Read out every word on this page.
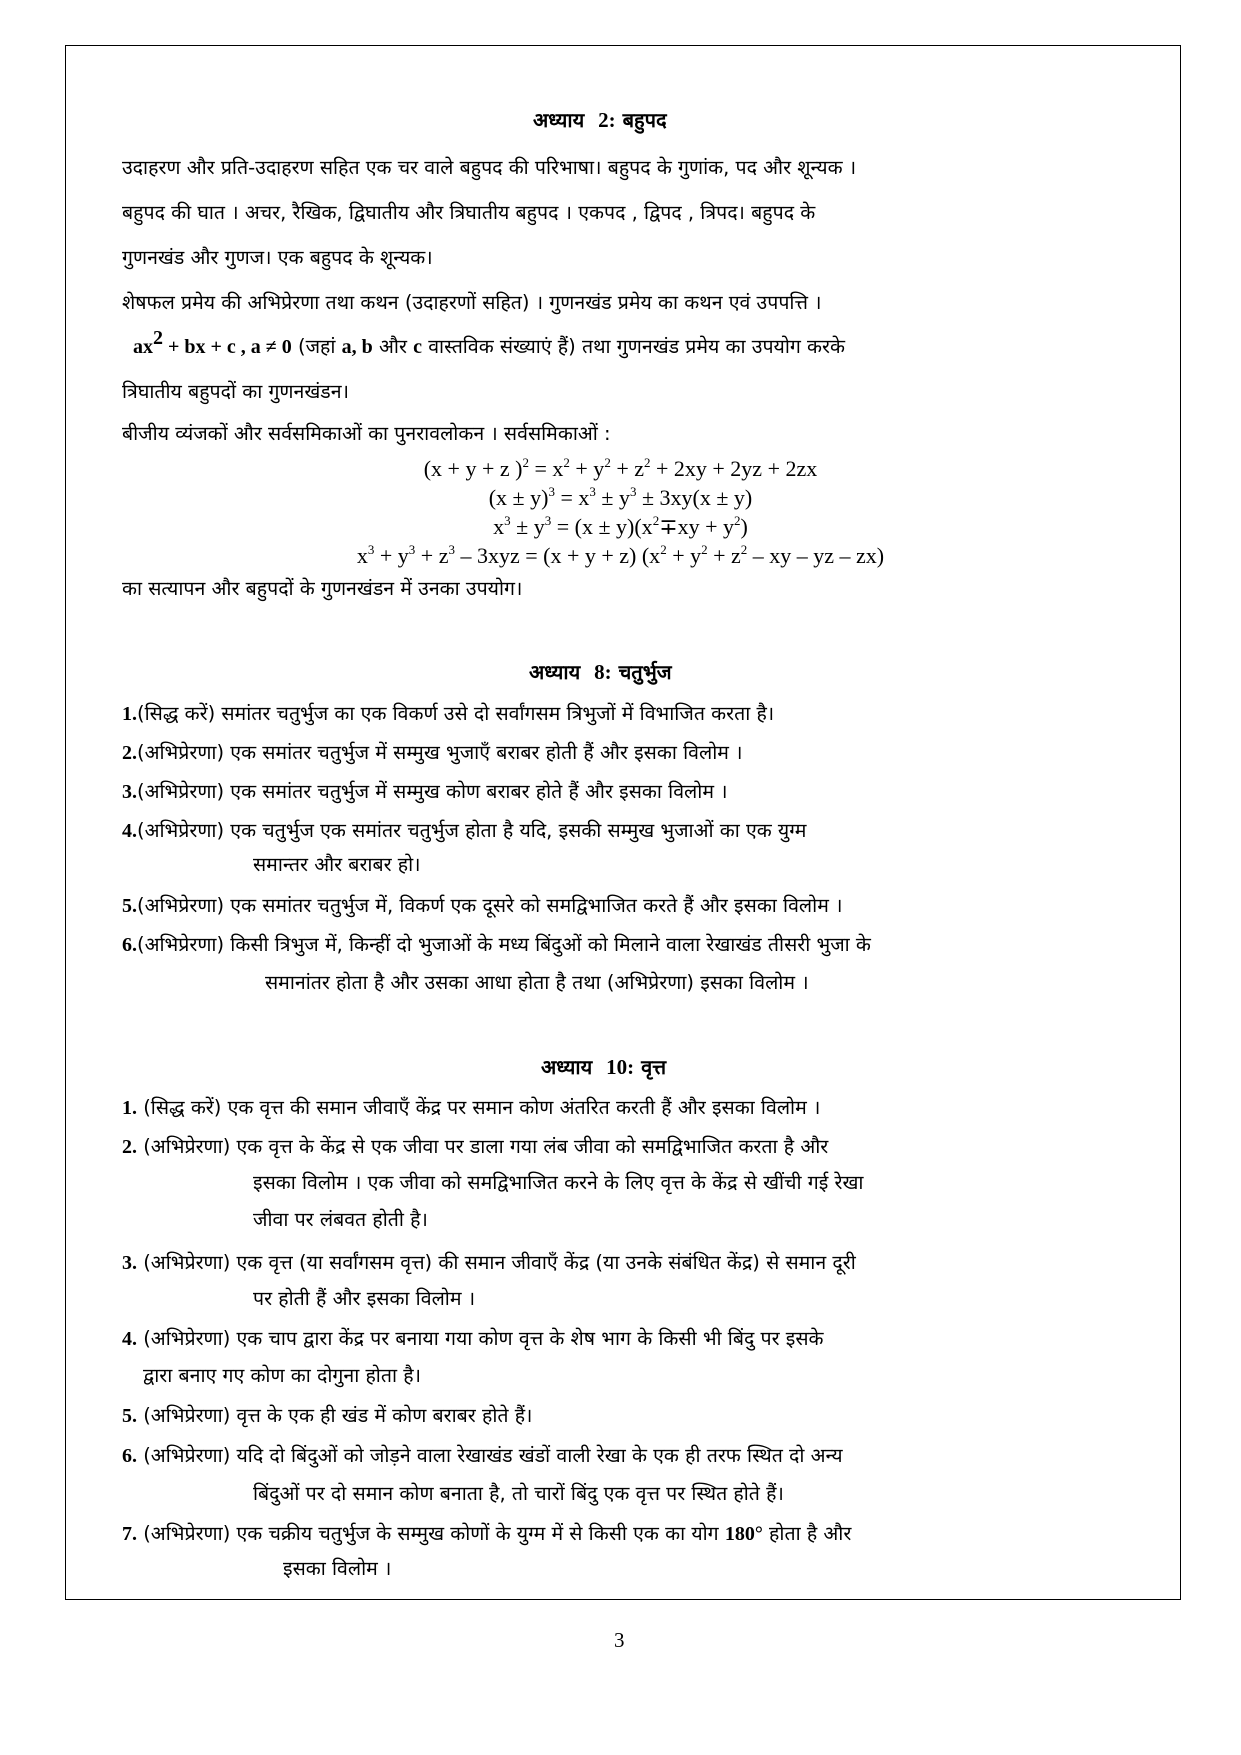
अध्याय 2: बहुपद
उदाहरण और प्रति-उदाहरण सहित एक चर वाले बहुपद की परिभाषा। बहुपद के गुणांक, पद और शून्यक ।
बहुपद की घात । अचर, रैखिक, द्विघातीय और त्रिघातीय बहुपद । एकपद , द्विपद , त्रिपद। बहुपद के
गुणनखंड और गुणज। एक बहुपद के शून्यक।
शेषफल प्रमेय की अभिप्रेरणा तथा कथन (उदाहरणों सहित) । गुणनखंड प्रमेय का कथन एवं उपपत्ति ।
$ax^2$ + bx + c , a ≠ 0 (जहां a, b और c वास्तविक संख्याएं हैं) तथा गुणनखंड प्रमेय का उपयोग करके
त्रिघातीय बहुपदों का गुणनखंडन।
बीजीय व्यंजकों और सर्वसमिकाओं का पुनरावलोकन । सर्वसमिकाओं :
(x + y + z )$^2 = x^2 + y^2 + z^2 + 2xy + 2yz + 2zx$
$(x \pm y)^3 = x^3 \pm y^3 \pm 3xy(x \pm y)$
$x^3 \pm y^3 = (x \pm y)(x^2\mp xy + y^2)$
$x^3 + y^3 + z^3 - 3xyz = (x + y + z) (x^2 + y^2 + z^2$ – xy – yz – zx)
का सत्यापन और बहुपदों के गुणनखंडन में उनका उपयोग।
अध्याय 8: चतुर्भुज
1.(सिद्ध करें) समांतर चतुर्भुज का एक विकर्ण उसे दो सर्वांगसम त्रिभुजों में विभाजित करता है।
2.(अभिप्रेरणा) एक समांतर चतुर्भुज में सम्मुख भुजाएँ बराबर होती हैं और इसका विलोम ।
3.(अभिप्रेरणा) एक समांतर चतुर्भुज में सम्मुख कोण बराबर होते हैं और इसका विलोम ।
4.(अभिप्रेरणा) एक चतुर्भुज एक समांतर चतुर्भुज होता है यदि, इसकी सम्मुख भुजाओं का एक युग्म
समान्तर और बराबर हो।
5.(अभिप्रेरणा) एक समांतर चतुर्भुज में, विकर्ण एक दूसरे को समद्विभाजित करते हैं और इसका विलोम ।
6.(अभिप्रेरणा) किसी त्रिभुज में, किन्हीं दो भुजाओं के मध्य बिंदुओं को मिलाने वाला रेखाखंड तीसरी भुजा के
समानांतर होता है और उसका आधा होता है तथा (अभिप्रेरणा) इसका विलोम ।
अध्याय 10: वृत्त
1. (सिद्ध करें) एक वृत्त की समान जीवाएँ केंद्र पर समान कोण अंतरित करती हैं और इसका विलोम ।
2. (अभिप्रेरणा) एक वृत्त के केंद्र से एक जीवा पर डाला गया लंब जीवा को समद्विभाजित करता है और
इसका विलोम । एक जीवा को समद्विभाजित करने के लिए वृत्त के केंद्र से खींची गई रेखा
जीवा पर लंबवत होती है।
3. (अभिप्रेरणा) एक वृत्त (या सर्वांगसम वृत्त) की समान जीवाएँ केंद्र (या उनके संबंधित केंद्र) से समान दूरी
पर होती हैं और इसका विलोम ।
4. (अभिप्रेरणा) एक चाप द्वारा केंद्र पर बनाया गया कोण वृत्त के शेष भाग के किसी भी बिंदु पर इसके
द्वारा बनाए गए कोण का दोगुना होता है।
5. (अभिप्रेरणा) वृत्त के एक ही खंड में कोण बराबर होते हैं।
6. (अभिप्रेरणा) यदि दो बिंदुओं को जोड़ने वाला रेखाखंड खंडों वाली रेखा के एक ही तरफ स्थित दो अन्य
बिंदुओं पर दो समान कोण बनाता है, तो चारों बिंदु एक वृत्त पर स्थित होते हैं।
7. (अभिप्रेरणा) एक चक्रीय चतुर्भुज के सम्मुख कोणों के युग्म में से किसी एक का योग 180° होता है और
इसका विलोम ।
3
